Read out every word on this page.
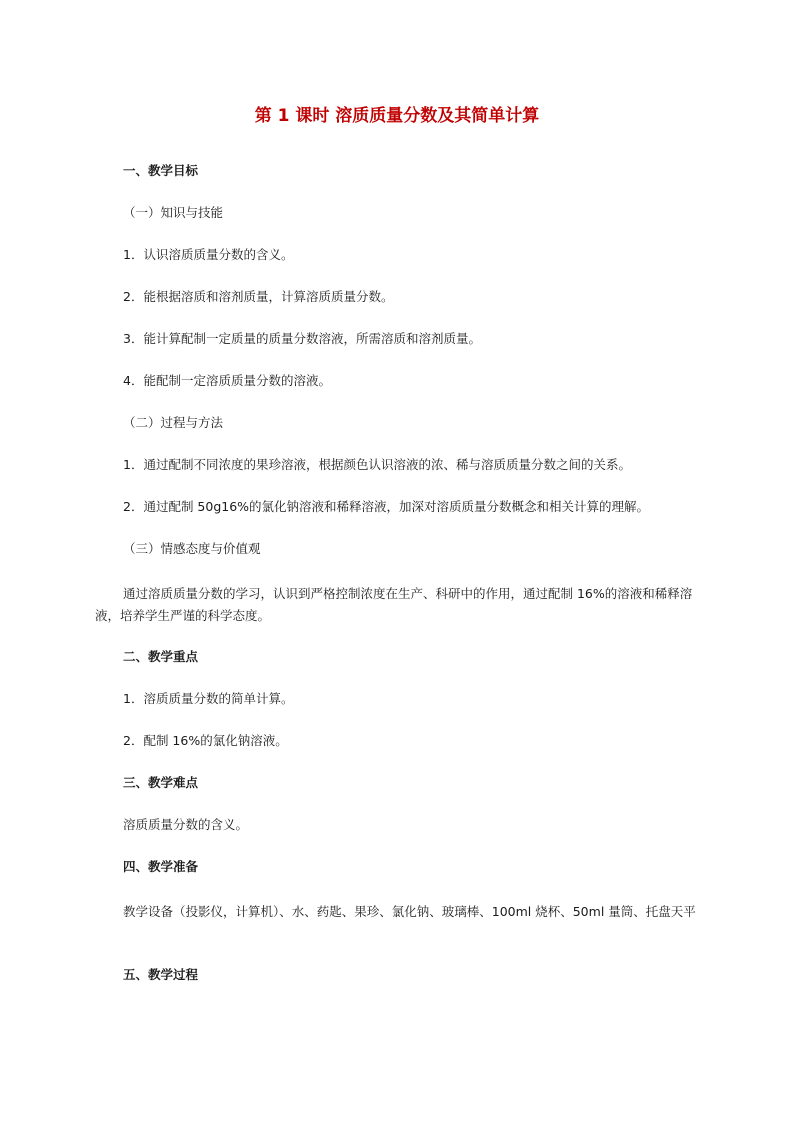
第 1 课时 溶质质量分数及其简单计算
一、教学目标
（一）知识与技能
1．认识溶质质量分数的含义。
2．能根据溶质和溶剂质量，计算溶质质量分数。
3．能计算配制一定质量的质量分数溶液，所需溶质和溶剂质量。
4．能配制一定溶质质量分数的溶液。
（二）过程与方法
1．通过配制不同浓度的果珍溶液，根据颜色认识溶液的浓、稀与溶质质量分数之间的关系。
2．通过配制 50g16%的氯化钠溶液和稀释溶液，加深对溶质质量分数概念和相关计算的理解。
（三）情感态度与价值观
通过溶质质量分数的学习，认识到严格控制浓度在生产、科研中的作用，通过配制 16%的溶液和稀释溶液，培养学生严谨的科学态度。
二、教学重点
1．溶质质量分数的简单计算。
2．配制 16%的氯化钠溶液。
三、教学难点
溶质质量分数的含义。
四、教学准备
教学设备（投影仪，计算机）、水、药匙、果珍、氯化钠、玻璃棒、100ml 烧杯、50ml 量筒、托盘天平
五、教学过程
